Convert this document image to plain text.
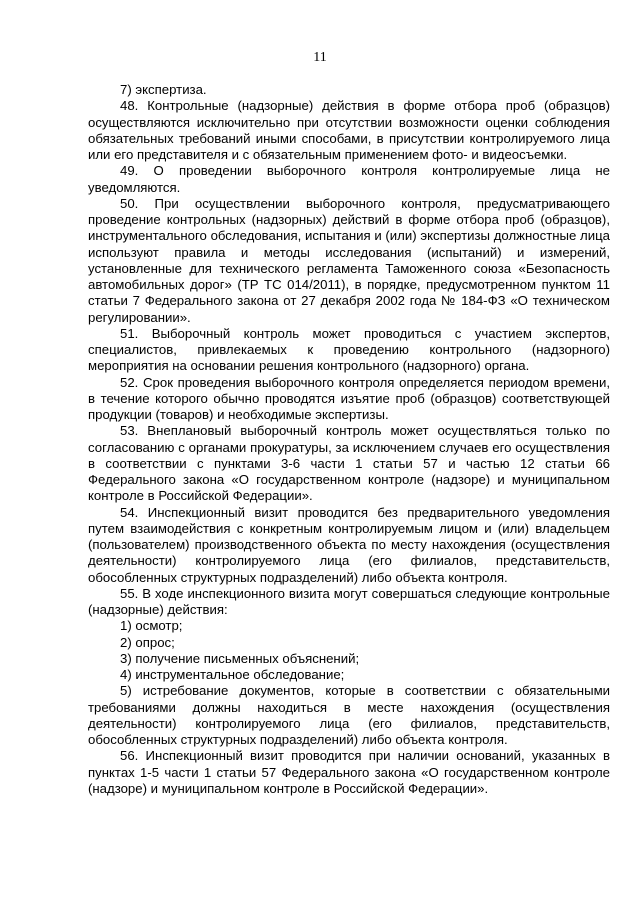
11

7) экспертиза.

48. Контрольные (надзорные) действия в форме отбора проб (образцов) осуществляются исключительно при отсутствии возможности оценки соблюдения обязательных требований иными способами, в присутствии контролируемого лица или его представителя и с обязательным применением фото- и видеосъемки.

49. О проведении выборочного контроля контролируемые лица не уведомляются.

50. При осуществлении выборочного контроля, предусматривающего проведение контрольных (надзорных) действий в форме отбора проб (образцов), инструментального обследования, испытания и (или) экспертизы должностные лица используют правила и методы исследования (испытаний) и измерений, установленные для технического регламента Таможенного союза «Безопасность автомобильных дорог» (ТР ТС 014/2011), в порядке, предусмотренном пунктом 11 статьи 7 Федерального закона от 27 декабря 2002 года № 184-ФЗ «О техническом регулировании».

51. Выборочный контроль может проводиться с участием экспертов, специалистов, привлекаемых к проведению контрольного (надзорного) мероприятия на основании решения контрольного (надзорного) органа.

52. Срок проведения выборочного контроля определяется периодом времени, в течение которого обычно проводятся изъятие проб (образцов) соответствующей продукции (товаров) и необходимые экспертизы.

53. Внеплановый выборочный контроль может осуществляться только по согласованию с органами прокуратуры, за исключением случаев его осуществления в соответствии с пунктами 3-6 части 1 статьи 57 и частью 12 статьи 66 Федерального закона «О государственном контроле (надзоре) и муниципальном контроле в Российской Федерации».

54. Инспекционный визит проводится без предварительного уведомления путем взаимодействия с конкретным контролируемым лицом и (или) владельцем (пользователем) производственного объекта по месту нахождения (осуществления деятельности) контролируемого лица (его филиалов, представительств, обособленных структурных подразделений) либо объекта контроля.

55. В ходе инспекционного визита могут совершаться следующие контрольные (надзорные) действия:

1) осмотр;

2) опрос;

3) получение письменных объяснений;

4) инструментальное обследование;

5) истребование документов, которые в соответствии с обязательными требованиями должны находиться в месте нахождения (осуществления деятельности) контролируемого лица (его филиалов, представительств, обособленных структурных подразделений) либо объекта контроля.

56. Инспекционный визит проводится при наличии оснований, указанных в пунктах 1-5 части 1 статьи 57 Федерального закона «О государственном контроле (надзоре) и муниципальном контроле в Российской Федерации».
